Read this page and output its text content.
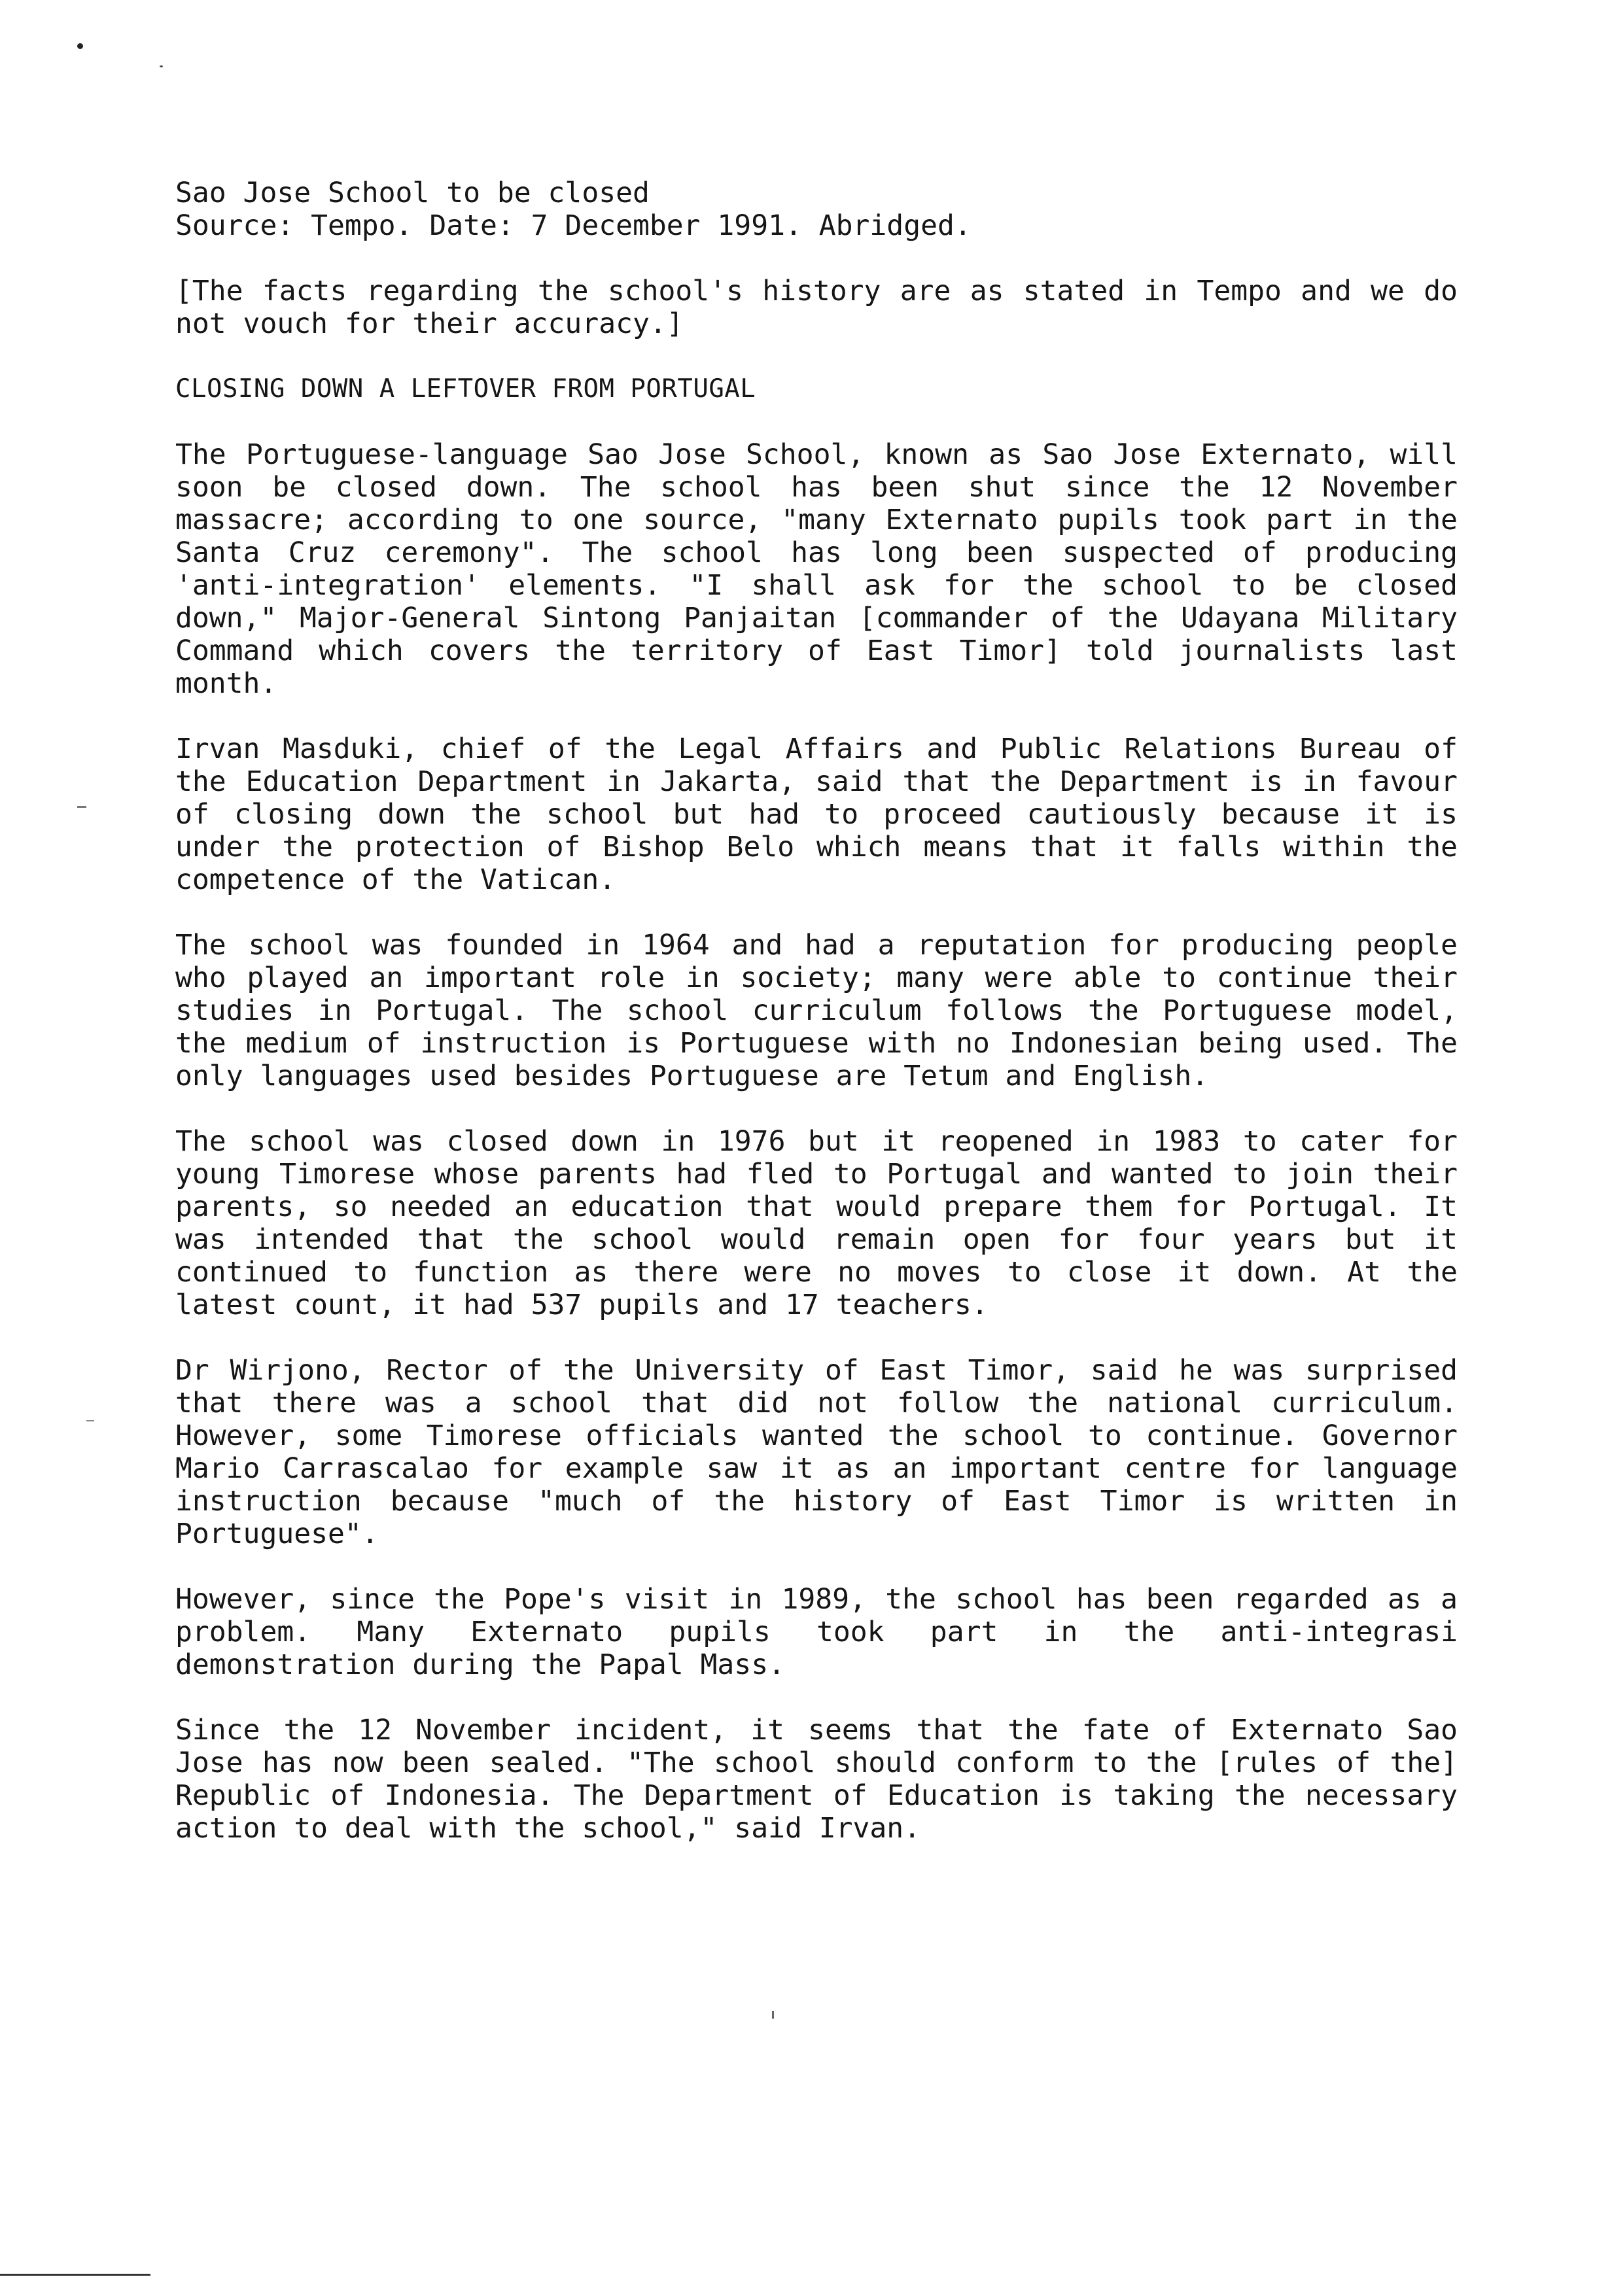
Sao Jose School to be closed

Source: Tempo. Date: 7 December 1991. Abridged.

[The facts regarding the school's history are as stated in Tempo and we do not vouch for their accuracy.]

CLOSING DOWN A LEFTOVER FROM PORTUGAL

The Portuguese-language Sao Jose School, known as Sao Jose Externato, will soon be closed down. The school has been shut since the 12 November massacre; according to one source, "many Externato pupils took part in the Santa Cruz ceremony". The school has long been suspected of producing 'anti-integration' elements. "I shall ask for the school to be closed down," Major-General Sintong Panjaitan [commander of the Udayana Military Command which covers the territory of East Timor] told journalists last month.

Irvan Masduki, chief of the Legal Affairs and Public Relations Bureau of the Education Department in Jakarta, said that the Department is in favour of closing down the school but had to proceed cautiously because it is under the protection of Bishop Belo which means that it falls within the competence of the Vatican.

The school was founded in 1964 and had a reputation for producing people who played an important role in society; many were able to continue their studies in Portugal. The school curriculum follows the Portuguese model, the medium of instruction is Portuguese with no Indonesian being used. The only languages used besides Portuguese are Tetum and English.

The school was closed down in 1976 but it reopened in 1983 to cater for young Timorese whose parents had fled to Portugal and wanted to join their parents, so needed an education that would prepare them for Portugal. It was intended that the school would remain open for four years but it continued to function as there were no moves to close it down. At the latest count, it had 537 pupils and 17 teachers.

Dr Wirjono, Rector of the University of East Timor, said he was surprised that there was a school that did not follow the national curriculum. However, some Timorese officials wanted the school to continue. Governor Mario Carrascalao for example saw it as an important centre for language instruction because "much of the history of East Timor is written in Portuguese".

However, since the Pope's visit in 1989, the school has been regarded as a problem. Many Externato pupils took part in the anti-integrasi demonstration during the Papal Mass.

Since the 12 November incident, it seems that the fate of Externato Sao Jose has now been sealed. "The school should conform to the [rules of the] Republic of Indonesia. The Department of Education is taking the necessary action to deal with the school," said Irvan.
